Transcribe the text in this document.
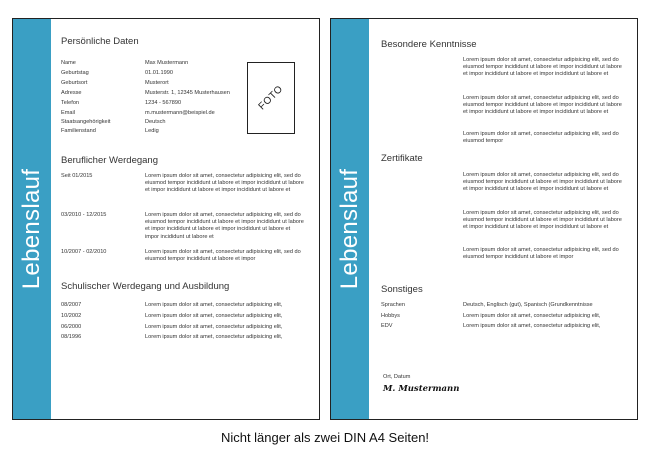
Lebenslauf
Persönliche Daten
Name	Max Mustermann
Geburtstag	01.01.1990
Geburtsort	Musterort
Adresse	Musterstr. 1, 12345 Musterhausen
Telefon	1234 - 567890
Email	m.mustermann@beispiel.de
Staatsangehörigkeit	Deutsch
Familienstand	Ledig
FOTO
Beruflicher Werdegang
Seit 01/2015	Lorem ipsum dolor sit amet, consectetur adipisicing elit, sed do eiusmod tempor incididunt ut labore et impor incididunt ut labore et impor incididunt ut labore et impor incididunt ut labore et
03/2010 - 12/2015	Lorem ipsum dolor sit amet, consectetur adipisicing elit, sed do eiusmod tempor incididunt ut labore et impor incididunt ut labore et impor incididunt ut labore et impor incididunt ut labore et impor incididunt ut labore et
10/2007 - 02/2010	Lorem ipsum dolor sit amet, consectetur adipisicing elit, sed do eiusmod tempor incididunt ut labore et impor
Schulischer Werdegang und Ausbildung
08/2007	Lorem ipsum dolor sit amet, consectetur adipisicing elit,
10/2002	Lorem ipsum dolor sit amet, consectetur adipisicing elit,
06/2000	Lorem ipsum dolor sit amet, consectetur adipisicing elit,
08/1996	Lorem ipsum dolor sit amet, consectetur adipisicing elit,
Lebenslauf
Besondere Kenntnisse
Lorem ipsum dolor sit amet, consectetur adipisicing elit, sed do eiusmod tempor incididunt ut labore et impor incididunt ut labore et impor incididunt ut labore et impor incididunt ut labore et
Lorem ipsum dolor sit amet, consectetur adipisicing elit, sed do eiusmod tempor incididunt ut labore et impor incididunt ut labore et impor incididunt ut labore et impor incididunt ut labore et
Lorem ipsum dolor sit amet, consectetur adipisicing elit, sed do eiusmod tempor
Zertifikate
Lorem ipsum dolor sit amet, consectetur adipisicing elit, sed do eiusmod tempor incididunt ut labore et impor incididunt ut labore et impor incididunt ut labore et impor incididunt ut labore et
Lorem ipsum dolor sit amet, consectetur adipisicing elit, sed do eiusmod tempor incididunt ut labore et impor incididunt ut labore et impor incididunt ut labore et impor incididunt ut labore et
Lorem ipsum dolor sit amet, consectetur adipisicing elit, sed do eiusmod tempor incididunt ut labore et impor
Sonstiges
Sprachen	Deutsch, Englisch (gut), Spanisch (Grundkenntnisse
Hobbys	Lorem ipsum dolor sit amet, consectetur adipisicing elit,
EDV	Lorem ipsum dolor sit amet, consectetur adipisicing elit,
Ort, Datum
M. Mustermann
Nicht länger als zwei DIN A4 Seiten!
